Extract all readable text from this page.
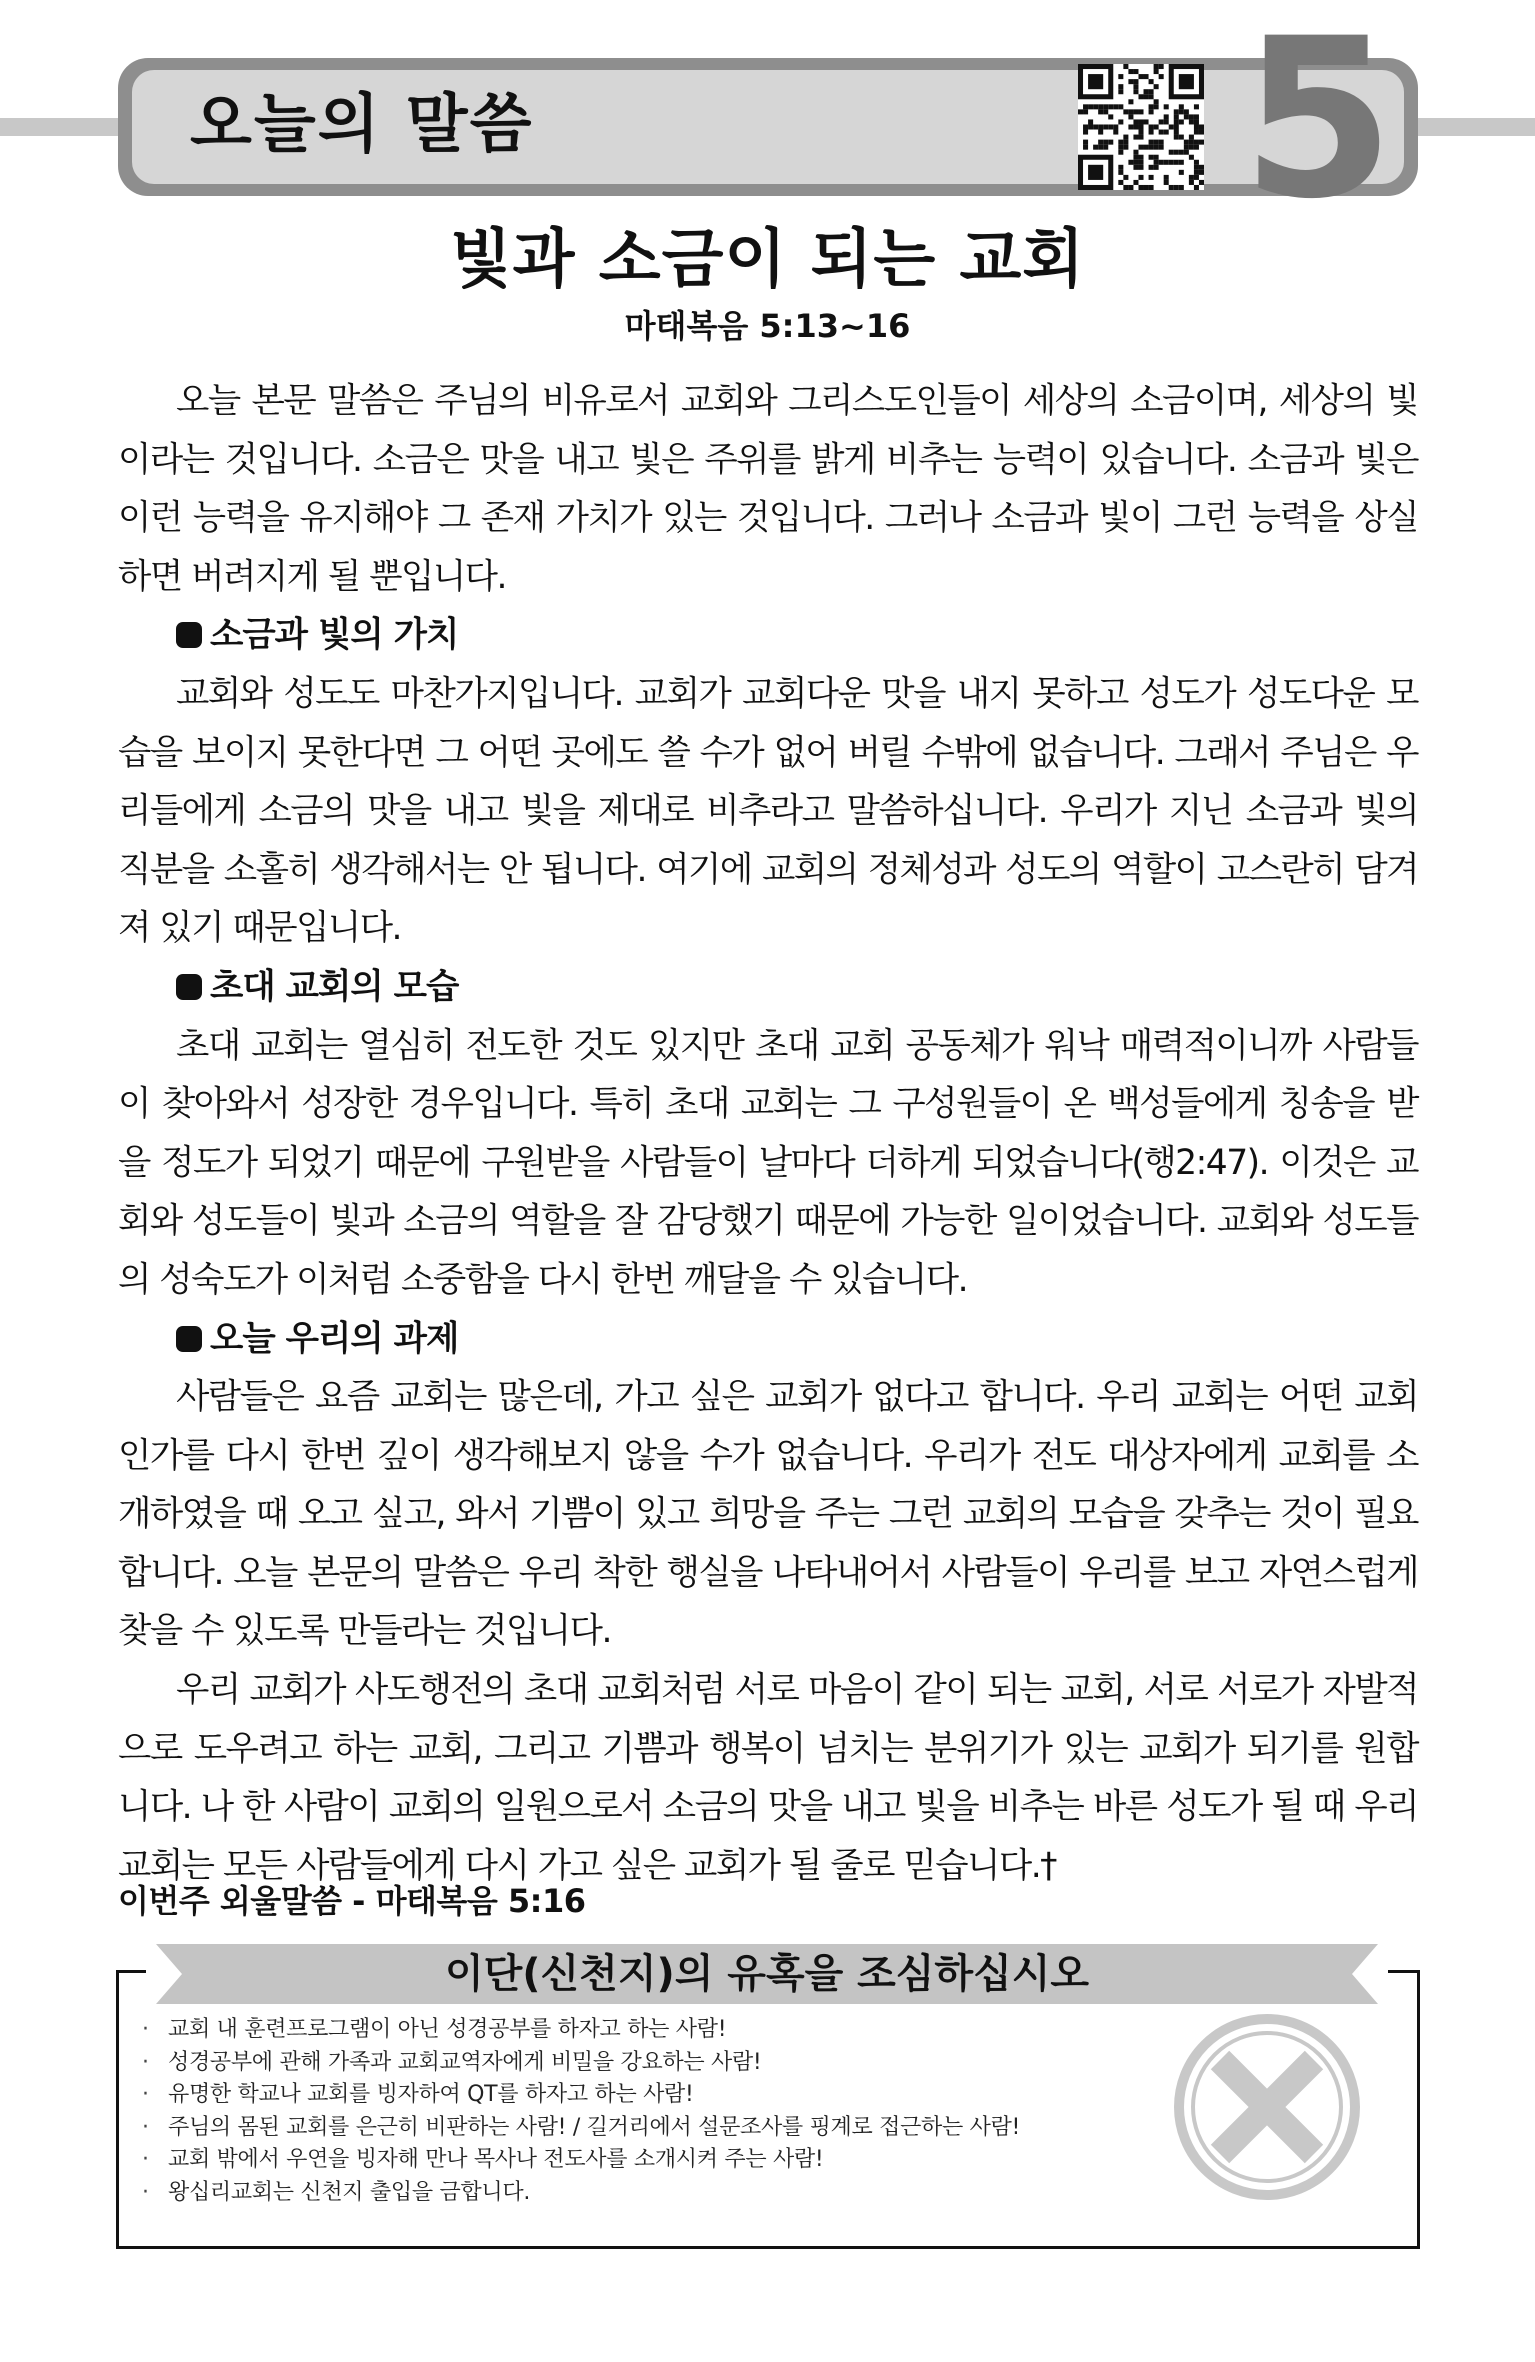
오늘의 말씀	5
빛과 소금이 되는 교회
마태복음 5:13~16

오늘 본문 말씀은 주님의 비유로서 교회와 그리스도인들이 세상의 소금이며, 세상의 빛이라는 것입니다. 소금은 맛을 내고 빛은 주위를 밝게 비추는 능력이 있습니다. 소금과 빛은 이런 능력을 유지해야 그 존재 가치가 있는 것입니다. 그러나 소금과 빛이 그런 능력을 상실하면 버려지게 될 뿐입니다.

소금과 빛의 가치

교회와 성도도 마찬가지입니다. 교회가 교회다운 맛을 내지 못하고 성도가 성도다운 모습을 보이지 못한다면 그 어떤 곳에도 쓸 수가 없어 버릴 수밖에 없습니다. 그래서 주님은 우리들에게 소금의 맛을 내고 빛을 제대로 비추라고 말씀하십니다. 우리가 지닌 소금과 빛의 직분을 소홀히 생각해서는 안 됩니다. 여기에 교회의 정체성과 성도의 역할이 고스란히 담겨져 있기 때문입니다.

초대 교회의 모습

초대 교회는 열심히 전도한 것도 있지만 초대 교회 공동체가 워낙 매력적이니까 사람들이 찾아와서 성장한 경우입니다. 특히 초대 교회는 그 구성원들이 온 백성들에게 칭송을 받을 정도가 되었기 때문에 구원받을 사람들이 날마다 더하게 되었습니다(행2:47). 이것은 교회와 성도들이 빛과 소금의 역할을 잘 감당했기 때문에 가능한 일이었습니다. 교회와 성도들의 성숙도가 이처럼 소중함을 다시 한번 깨달을 수 있습니다.

오늘 우리의 과제

사람들은 요즘 교회는 많은데, 가고 싶은 교회가 없다고 합니다. 우리 교회는 어떤 교회인가를 다시 한번 깊이 생각해보지 않을 수가 없습니다. 우리가 전도 대상자에게 교회를 소개하였을 때 오고 싶고, 와서 기쁨이 있고 희망을 주는 그런 교회의 모습을 갖추는 것이 필요합니다. 오늘 본문의 말씀은 우리 착한 행실을 나타내어서 사람들이 우리를 보고 자연스럽게 찾을 수 있도록 만들라는 것입니다.

우리 교회가 사도행전의 초대 교회처럼 서로 마음이 같이 되는 교회, 서로 서로가 자발적으로 도우려고 하는 교회, 그리고 기쁨과 행복이 넘치는 분위기가 있는 교회가 되기를 원합니다. 나 한 사람이 교회의 일원으로서 소금의 맛을 내고 빛을 비추는 바른 성도가 될 때 우리 교회는 모든 사람들에게 다시 가고 싶은 교회가 될 줄로 믿습니다.†

이번주 외울말씀 - 마태복음 5:16
이단(신천지)의 유혹을 조심하십시오
· 교회 내 훈련프로그램이 아닌 성경공부를 하자고 하는 사람!
· 성경공부에 관해 가족과 교회교역자에게 비밀을 강요하는 사람!
· 유명한 학교나 교회를 빙자하여 QT를 하자고 하는 사람!
· 주님의 몸된 교회를 은근히 비판하는 사람! / 길거리에서 설문조사를 핑계로 접근하는 사람!
· 교회 밖에서 우연을 빙자해 만나 목사나 전도사를 소개시켜 주는 사람!
· 왕십리교회는 신천지 출입을 금합니다.
